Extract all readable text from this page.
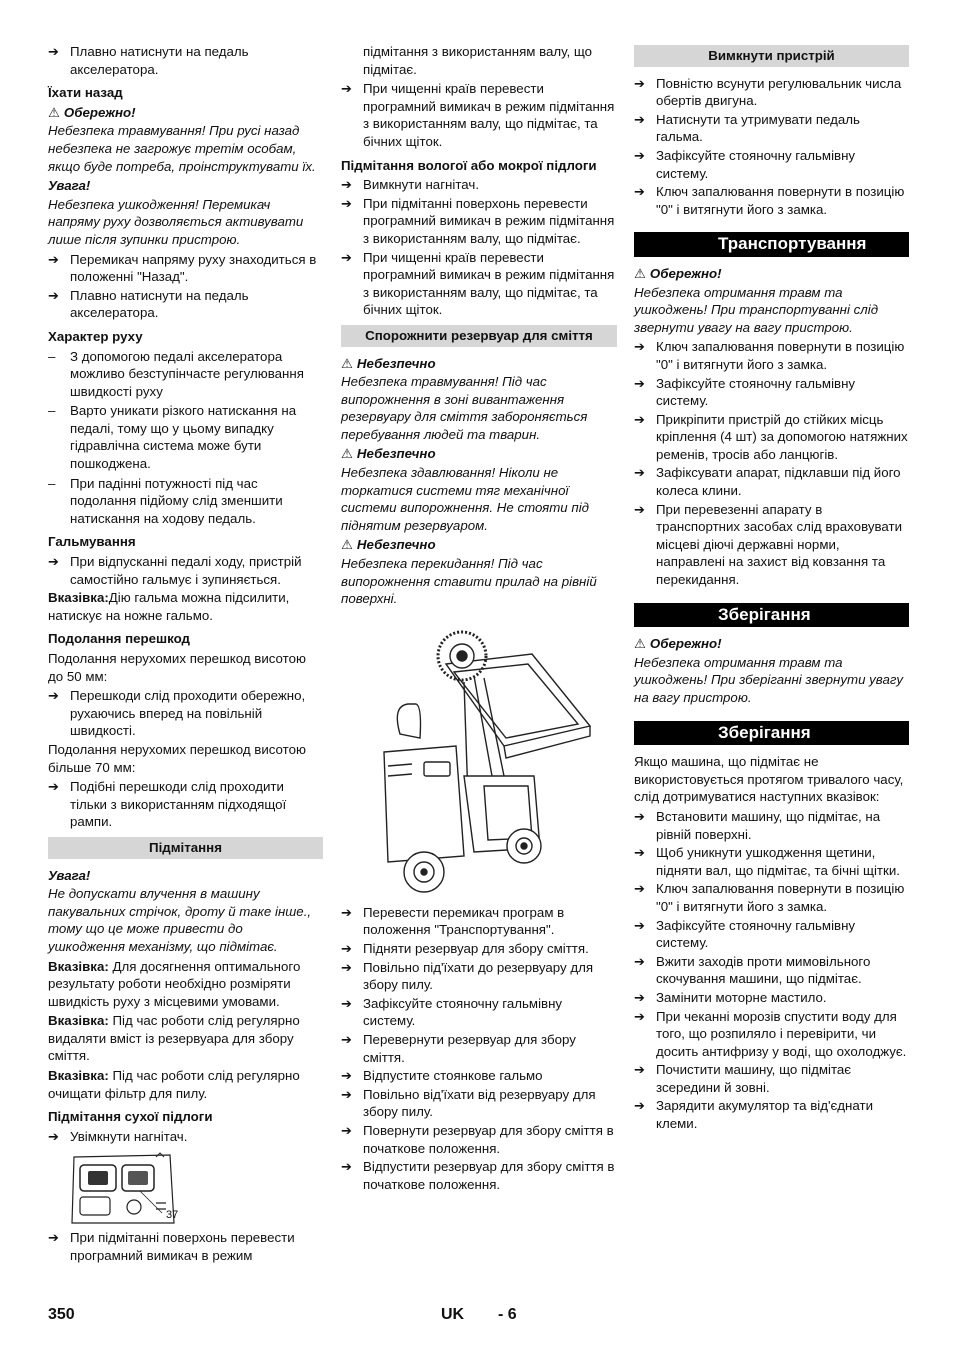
➔ Плавно натиснути на педаль акселератора.
Їхати назад
⚠ Обережно!
Небезпека травмування! При русі назад небезпека не загрожує третім особам, якщо буде потреба, проінструктувати їх.
Увага!
Небезпека ушкодження! Перемикач напряму руху дозволяється активувати лише після зупинки пристрою.
➔ Перемикач напряму руху знаходиться в положенні "Назад".
➔ Плавно натиснути на педаль акселератора.
Характер руху
– З допомогою педалі акселератора можливо безступінчасте регулювання швидкості руху
– Варто уникати різкого натискання на педалі, тому що у цьому випадку гідравлічна система може бути пошкоджена.
– При падінні потужності під час подолання підйому слід зменшити натискання на ходову педаль.
Гальмування
➔ При відпусканні педалі ходу, пристрій самостійно гальмує і зупиняється.
Вказівка:Дію гальма можна підсилити, натискує на ножне гальмо.
Подолання перешкод
Подолання нерухомих перешкод висотою до 50 мм:
➔ Перешкоди слід проходити обережно, рухаючись вперед на повільній швидкості.
Подолання нерухомих перешкод висотою більше 70 мм:
➔ Подібні перешкоди слід проходити тільки з використанням підходящої рампи.
Підмітання
Увага!
Не допускати влучення в машину пакувальних стрічок, дроту й таке інше., тому що це може привести до ушкодження механізму, що підмітає.
Вказівка: Для досягнення оптимального результату роботи необхідно розміряти швидкість руху з місцевими умовами.
Вказівка: Під час роботи слід регулярно видаляти вміст із резервуара для збору сміття.
Вказівка: Під час роботи слід регулярно очищати фільтр для пилу.
Підмітання сухої підлоги
➔ Увімкнути нагнітач.
37
➔ При підмітанні поверхонь перевести програмний вимикач в режим
підмітання з використанням валу, що підмітає.
➔ При чищенні країв перевести програмний вимикач в режим підмітання з використанням валу, що підмітає, та бічних щіток.
Підмітання вологої або мокрої підлоги
➔ Вимкнути нагнітач.
➔ При підмітанні поверхонь перевести програмний вимикач в режим підмітання з використанням валу, що підмітає.
➔ При чищенні країв перевести програмний вимикач в режим підмітання з використанням валу, що підмітає, та бічних щіток.
Спорожнити резервуар для сміття
⚠ Небезпечно
Небезпека травмування! Під час випорожнення в зоні вивантаження резервуару для сміття забороняється перебування людей та тварин.
⚠ Небезпечно
Небезпека здавлювання! Ніколи не торкатися системи тяг механічної системи випорожнення. Не стояти під піднятим резервуаром.
⚠ Небезпечно
Небезпека перекидання! Під час випорожнення ставити прилад на рівній поверхні.
➔ Перевести перемикач програм в положення "Транспортування".
➔ Підняти резервуар для збору сміття.
➔ Повільно під'їхати до резервуару для збору пилу.
➔ Зафіксуйте стояночну гальмівну систему.
➔ Перевернути резервуар для збору сміття.
➔ Відпустите стоянкове гальмо
➔ Повільно від'їхати від резервуару для збору пилу.
➔ Повернути резервуар для збору сміття в початкове положення.
➔ Відпустити резервуар для збору сміття в початкове положення.
Вимкнути пристрій
➔ Повністю всунути регулювальник числа обертів двигуна.
➔ Натиснути та утримувати педаль гальма.
➔ Зафіксуйте стояночну гальмівну систему.
➔ Ключ запалювання повернути в позицію "0" і витягнути його з замка.
Транспортування
⚠ Обережно!
Небезпека отримання травм та ушкоджень! При транспортуванні слід звернути увагу на вагу пристрою.
➔ Ключ запалювання повернути в позицію "0" і витягнути його з замка.
➔ Зафіксуйте стояночну гальмівну систему.
➔ Прикріпити пристрій до стійких місць кріплення (4 шт) за допомогою натяжних ременів, тросів або ланцюгів.
➔ Зафіксувати апарат, підклавши під його колеса клини.
➔ При перевезенні апарату в транспортних засобах слід враховувати місцеві діючі державні норми, направлені на захист від ковзання та перекидання.
Зберігання
⚠ Обережно!
Небезпека отримання травм та ушкоджень! При зберіганні звернути увагу на вагу пристрою.
Зберігання
Якщо машина, що підмітає не використовується протягом тривалого часу, слід дотримуватися наступних вказівок:
➔ Встановити машину, що підмітає, на рівній поверхні.
➔ Щоб уникнути ушкодження щетини, підняти вал, що підмітає, та бічні щітки.
➔ Ключ запалювання повернути в позицію "0" і витягнути його з замка.
➔ Зафіксуйте стояночну гальмівну систему.
➔ Вжити заходів проти мимовільного скочування машини, що підмітає.
➔ Замінити моторне мастило.
➔ При чеканні морозів спустити воду для того, що розпиляло і перевірити, чи досить антифризу у воді, що охолоджує.
➔ Почистити машину, що підмітає зсередини й зовні.
➔ Зарядити акумулятор та від'єднати клеми.
350	UK - 6
